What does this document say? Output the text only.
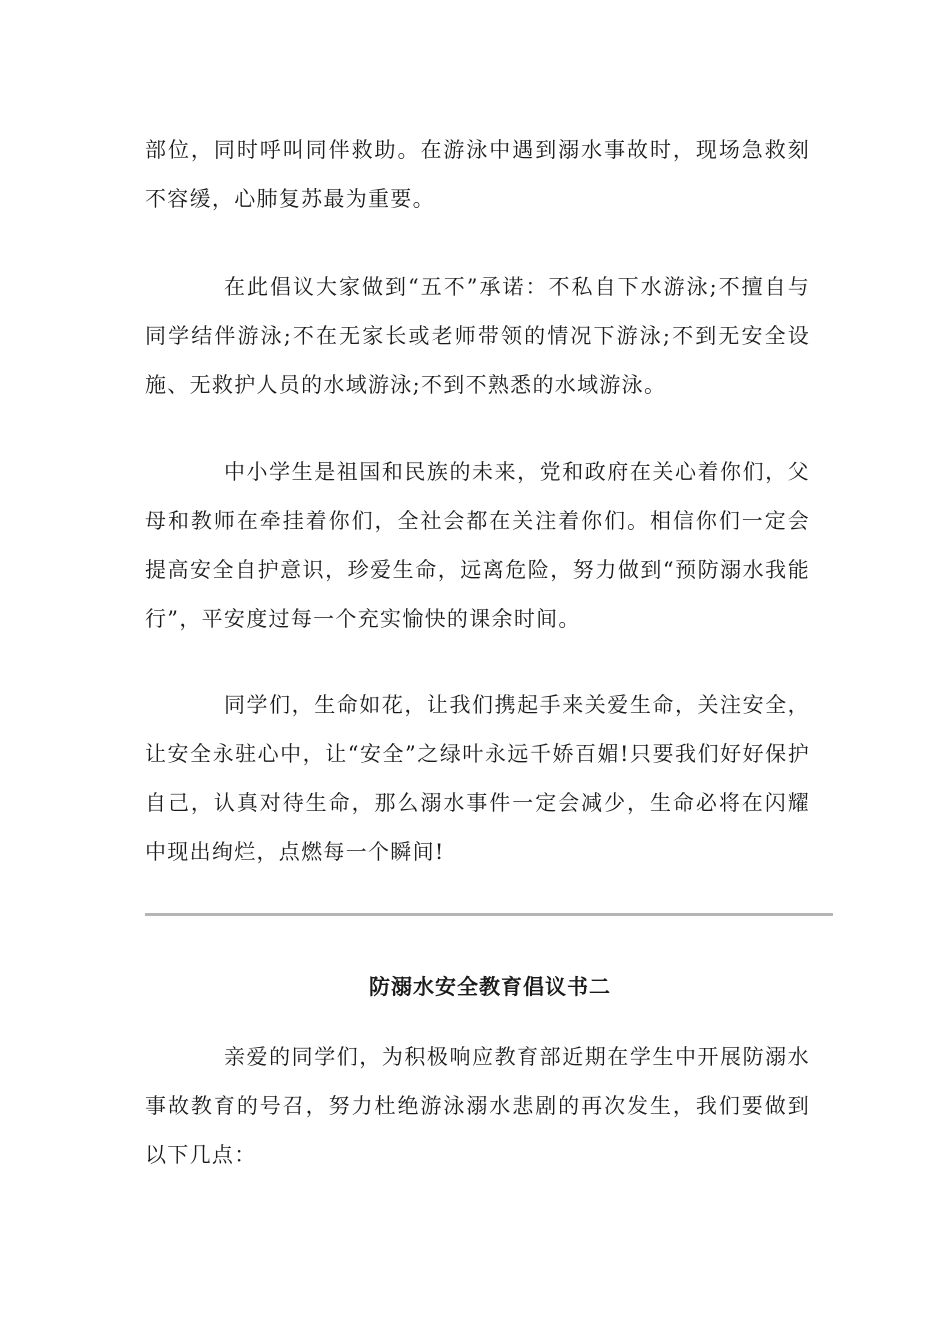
部位，同时呼叫同伴救助。在游泳中遇到溺水事故时，现场急救刻不容缓，心肺复苏最为重要。

在此倡议大家做到“五不”承诺：不私自下水游泳;不擅自与同学结伴游泳;不在无家长或老师带领的情况下游泳;不到无安全设施、无救护人员的水域游泳;不到不熟悉的水域游泳。

中小学生是祖国和民族的未来，党和政府在关心着你们，父母和教师在牵挂着你们，全社会都在关注着你们。相信你们一定会提高安全自护意识，珍爱生命，远离危险，努力做到“预防溺水我能行”，平安度过每一个充实愉快的课余时间。

同学们，生命如花，让我们携起手来关爱生命，关注安全，让安全永驻心中，让“安全”之绿叶永远千娇百媚!只要我们好好保护自己，认真对待生命，那么溺水事件一定会减少，生命必将在闪耀中现出绚烂，点燃每一个瞬间!

防溺水安全教育倡议书二

亲爱的同学们，为积极响应教育部近期在学生中开展防溺水事故教育的号召，努力杜绝游泳溺水悲剧的再次发生，我们要做到以下几点：
